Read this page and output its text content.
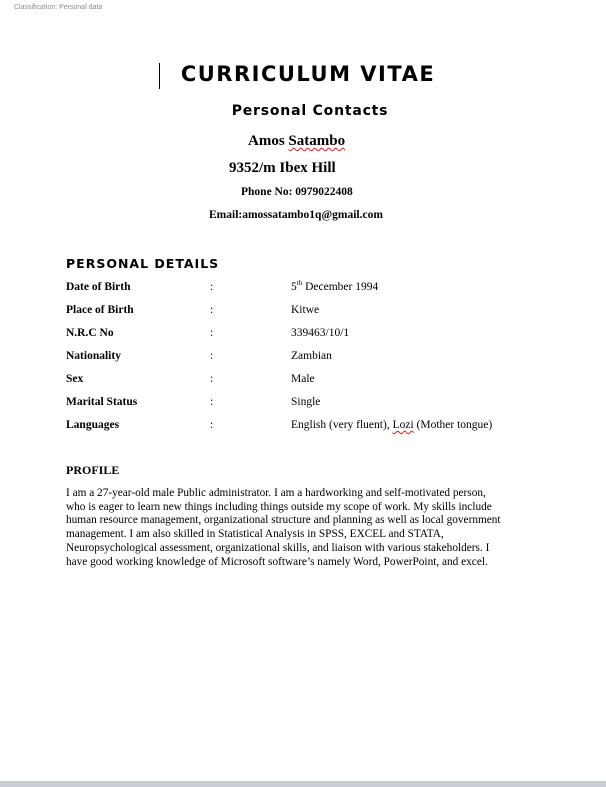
Classification: Personal data
CURRICULUM VITAE
Personal Contacts
Amos Satambo
9352/m Ibex Hill
Phone No: 0979022408
Email:amossatambo1q@gmail.com
PERSONAL DETAILS
Date of Birth	:	5th December 1994
Place of Birth	:	Kitwe
N.R.C No	:	339463/10/1
Nationality	:	Zambian
Sex	:	Male
Marital Status	:	Single
Languages	:	English (very fluent), Lozi (Mother tongue)
PROFILE
I am a 27-year-old male Public administrator. I am a hardworking and self-motivated person,
who is eager to learn new things including things outside my scope of work. My skills include
human resource management, organizational structure and planning as well as local government
management. I am also skilled in Statistical Analysis in SPSS, EXCEL and STATA,
Neuropsychological assessment, organizational skills, and liaison with various stakeholders. I
have good working knowledge of Microsoft software’s namely Word, PowerPoint, and excel.
